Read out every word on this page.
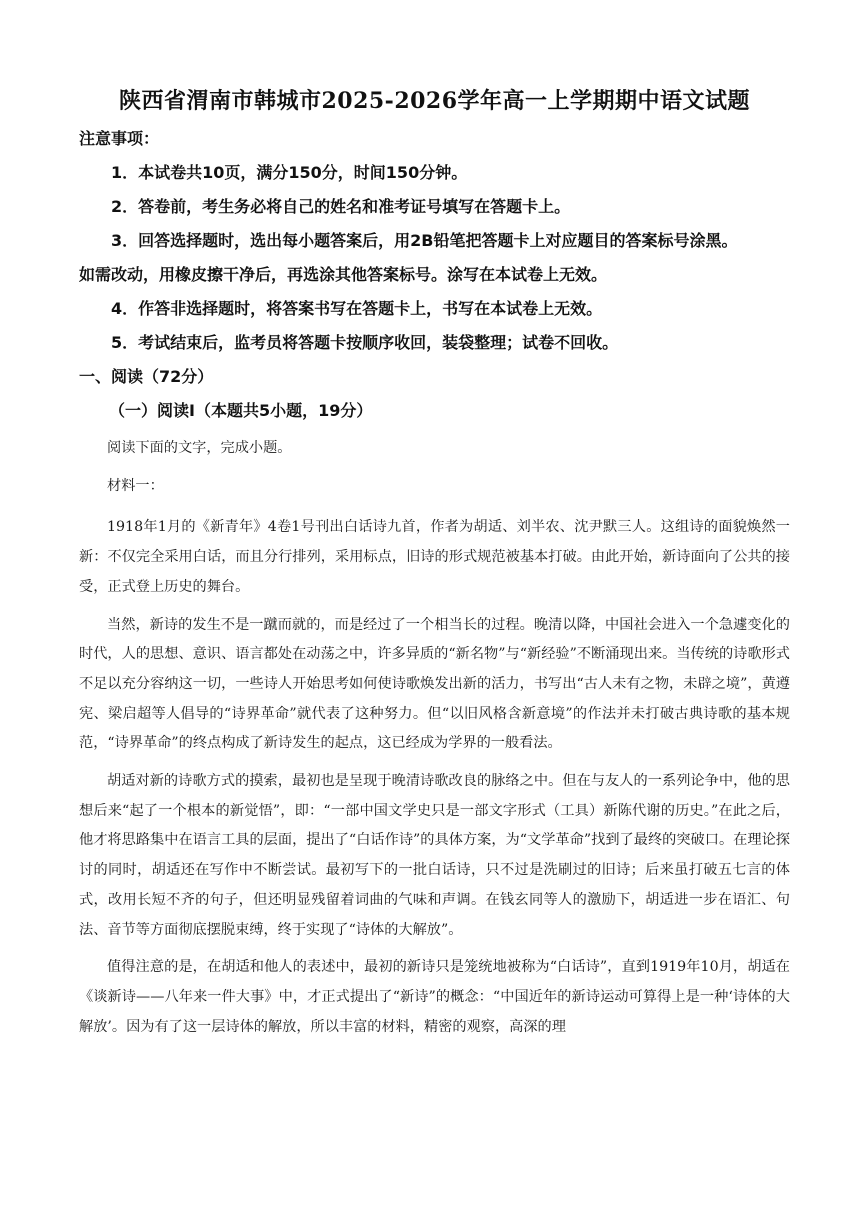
陕西省渭南市韩城市2025-2026学年高一上学期期中语文试题
注意事项：
1．本试卷共10页，满分150分，时间150分钟。
2．答卷前，考生务必将自己的姓名和准考证号填写在答题卡上。
3．回答选择题时，选出每小题答案后，用2B铅笔把答题卡上对应题目的答案标号涂黑。
如需改动，用橡皮擦干净后，再选涂其他答案标号。涂写在本试卷上无效。
4．作答非选择题时，将答案书写在答题卡上，书写在本试卷上无效。
5．考试结束后，监考员将答题卡按顺序收回，装袋整理；试卷不回收。
一、阅读（72分）
（一）阅读Ⅰ（本题共5小题，19分）

阅读下面的文字，完成小题。

材料一：

1918年1月的《新青年》4卷1号刊出白话诗九首，作者为胡适、刘半农、沈尹默三人。这组诗的面貌焕然一新：不仅完全采用白话，而且分行排列，采用标点，旧诗的形式规范被基本打破。由此开始，新诗面向了公共的接受，正式登上历史的舞台。

当然，新诗的发生不是一蹴而就的，而是经过了一个相当长的过程。晚清以降，中国社会进入一个急遽变化的时代，人的思想、意识、语言都处在动荡之中，许多异质的“新名物”与“新经验”不断涌现出来。当传统的诗歌形式不足以充分容纳这一切，一些诗人开始思考如何使诗歌焕发出新的活力，书写出“古人未有之物，未辟之境”，黄遵宪、梁启超等人倡导的“诗界革命”就代表了这种努力。但“以旧风格含新意境”的作法并未打破古典诗歌的基本规范，“诗界革命”的终点构成了新诗发生的起点，这已经成为学界的一般看法。

胡适对新的诗歌方式的摸索，最初也是呈现于晚清诗歌改良的脉络之中。但在与友人的一系列论争中，他的思想后来“起了一个根本的新觉悟”，即：“一部中国文学史只是一部文字形式（工具）新陈代谢的历史。”在此之后，他才将思路集中在语言工具的层面，提出了“白话作诗”的具体方案，为“文学革命”找到了最终的突破口。在理论探讨的同时，胡适还在写作中不断尝试。最初写下的一批白话诗，只不过是洗刷过的旧诗；后来虽打破五七言的体式，改用长短不齐的句子，但还明显残留着词曲的气味和声调。在钱玄同等人的激励下，胡适进一步在语汇、句法、音节等方面彻底摆脱束缚，终于实现了“诗体的大解放”。

值得注意的是，在胡适和他人的表述中，最初的新诗只是笼统地被称为“白话诗”，直到1919年10月，胡适在《谈新诗——八年来一件大事》中，才正式提出了“新诗”的概念：“中国近年的新诗运动可算得上是一种‘诗体的大解放’。因为有了这一层诗体的解放，所以丰富的材料，精密的观察，高深的理
